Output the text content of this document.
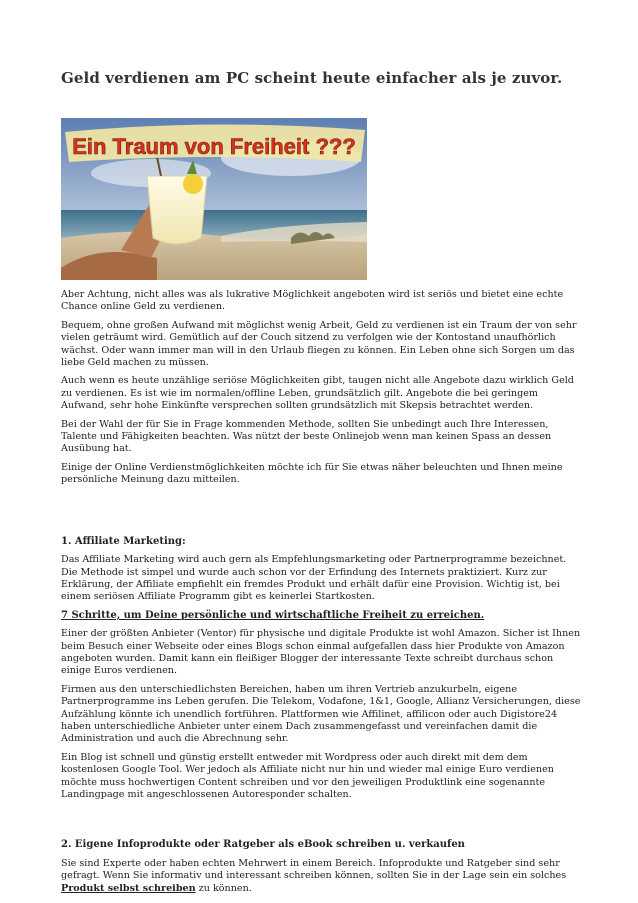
Geld verdienen am PC scheint heute einfacher als je zuvor.
Ein Traum von Freiheit ???

Aber Achtung, nicht alles was als lukrative Möglichkeit angeboten wird ist seriös und bietet eine echte Chance online Geld zu verdienen.

Bequem, ohne großen Aufwand mit möglichst wenig Arbeit, Geld zu verdienen ist ein Traum der von sehr vielen geträumt wird. Gemütlich auf der Couch sitzend zu verfolgen wie der Kontostand unaufhörlich wächst. Oder wann immer man will in den Urlaub fliegen zu können. Ein Leben ohne sich Sorgen um das liebe Geld machen zu müssen.

Auch wenn es heute unzählige seriöse Möglichkeiten gibt, taugen nicht alle Angebote dazu wirklich Geld zu verdienen. Es ist wie im normalen/offline Leben, grundsätzlich gilt. Angebote die bei geringem Aufwand, sehr hohe Einkünfte versprechen sollten grundsätzlich mit Skepsis betrachtet werden.

Bei der Wahl der für Sie in Frage kommenden Methode, sollten Sie unbedingt auch Ihre Interessen, Talente und Fähigkeiten beachten. Was nützt der beste Onlinejob wenn man keinen Spass an dessen Ausübung hat.

Einige der Online Verdienstmöglichkeiten möchte ich für Sie etwas näher beleuchten und Ihnen meine persönliche Meinung dazu mitteilen.

1. Affiliate Marketing:

Das Affiliate Marketing wird auch gern als Empfehlungsmarketing oder Partnerprogramme bezeichnet. Die Methode ist simpel und wurde auch schon vor der Erfindung des Internets praktiziert. Kurz zur Erklärung, der Affiliate empfiehlt ein fremdes Produkt und erhält dafür eine Provision. Wichtig ist, bei einem seriösen Affiliate Programm gibt es keinerlei Startkosten.

7 Schritte, um Deine persönliche und wirtschaftliche Freiheit zu erreichen.

Einer der größten Anbieter (Ventor) für physische und digitale Produkte ist wohl Amazon. Sicher ist Ihnen beim Besuch einer Webseite oder eines Blogs schon einmal aufgefallen dass hier Produkte von Amazon angeboten wurden. Damit kann ein fleißiger Blogger der interessante Texte schreibt durchaus schon einige Euros verdienen.

Firmen aus den unterschiedlichsten Bereichen, haben um ihren Vertrieb anzukurbeln, eigene Partnerprogramme ins Leben gerufen. Die Telekom, Vodafone, 1&1, Google, Allianz Versicherungen, diese Aufzählung könnte ich unendlich fortführen. Plattformen wie Affilinet, affilicon oder auch Digistore24 haben unterschiedliche Anbieter unter einem Dach zusammengefasst und vereinfachen damit die Administration und auch die Abrechnung sehr.

Ein Blog ist schnell und günstig erstellt entweder mit Wordpress oder auch direkt mit dem dem kostenlosen Google Tool. Wer jedoch als Affiliate nicht nur hin und wieder mal einige Euro verdienen möchte muss hochwertigen Content schreiben und vor den jeweiligen Produktlink eine sogenannte Landingpage mit angeschlossenen Autoresponder schalten.

2. Eigene Infoprodukte oder Ratgeber als eBook schreiben u. verkaufen

Sie sind Experte oder haben echten Mehrwert in einem Bereich. Infoprodukte und Ratgeber sind sehr gefragt. Wenn Sie informativ und interessant schreiben können, sollten Sie in der Lage sein ein solches Produkt selbst schreiben zu können.
